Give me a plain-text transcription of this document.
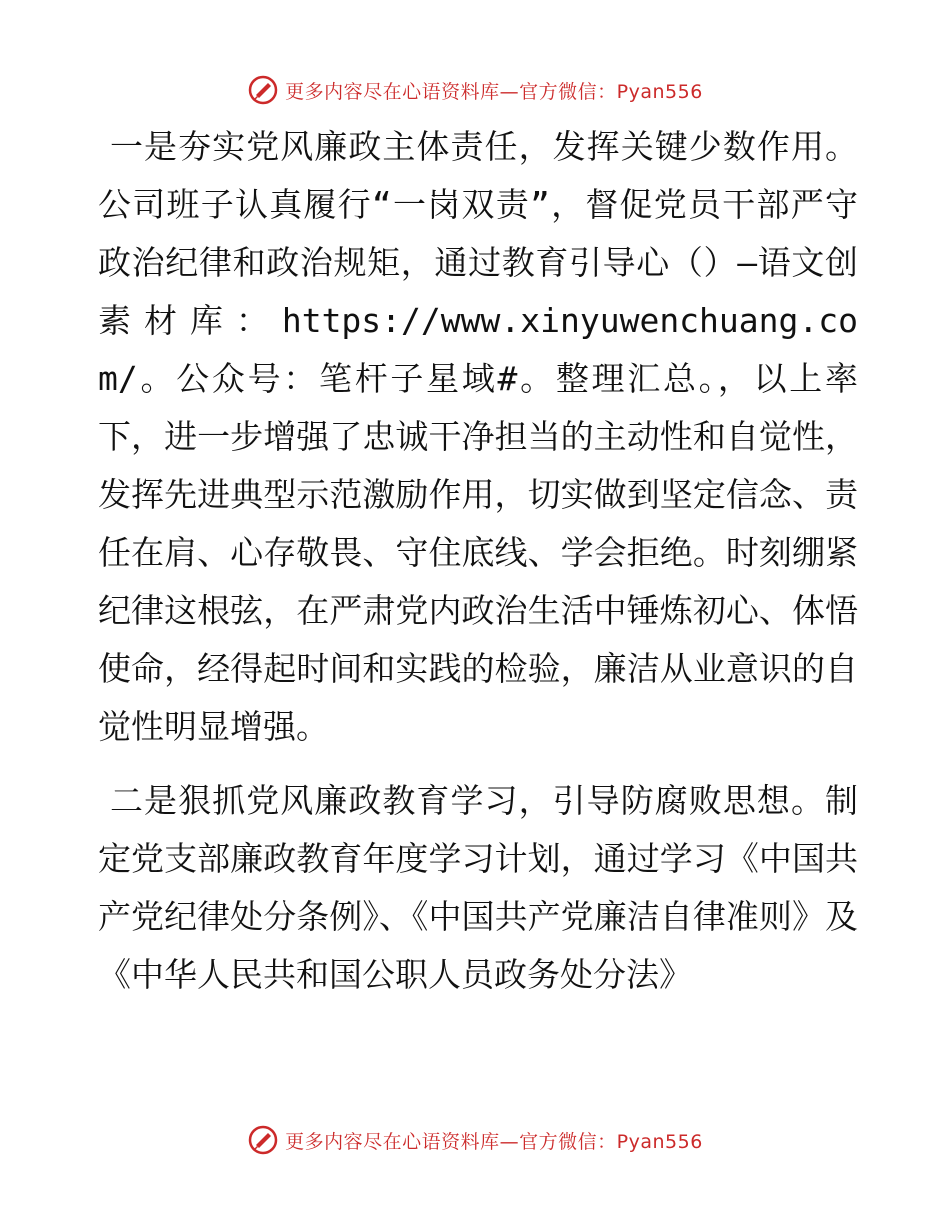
更多内容尽在心语资料库—官方微信：Pyan556

一是夯实党风廉政主体责任，发挥关键少数作用。公司班子认真履行“一岗双责”，督促党员干部严守政治纪律和政治规矩，通过教育引导心（）—语文创素材库：https://www.xinyuwenchuang.com/。公众号：笔杆子星域#。整理汇总。，以上率下，进一步增强了忠诚干净担当的主动性和自觉性，发挥先进典型示范激励作用，切实做到坚定信念、责任在肩、心存敬畏、守住底线、学会拒绝。时刻绷紧纪律这根弦，在严肃党内政治生活中锤炼初心、体悟使命，经得起时间和实践的检验，廉洁从业意识的自觉性明显增强。

二是狠抓党风廉政教育学习，引导防腐败思想。制定党支部廉政教育年度学习计划，通过学习《中国共产党纪律处分条例》、《中国共产党廉洁自律准则》及《中华人民共和国公职人员政务处分法》

更多内容尽在心语资料库—官方微信：Pyan556
